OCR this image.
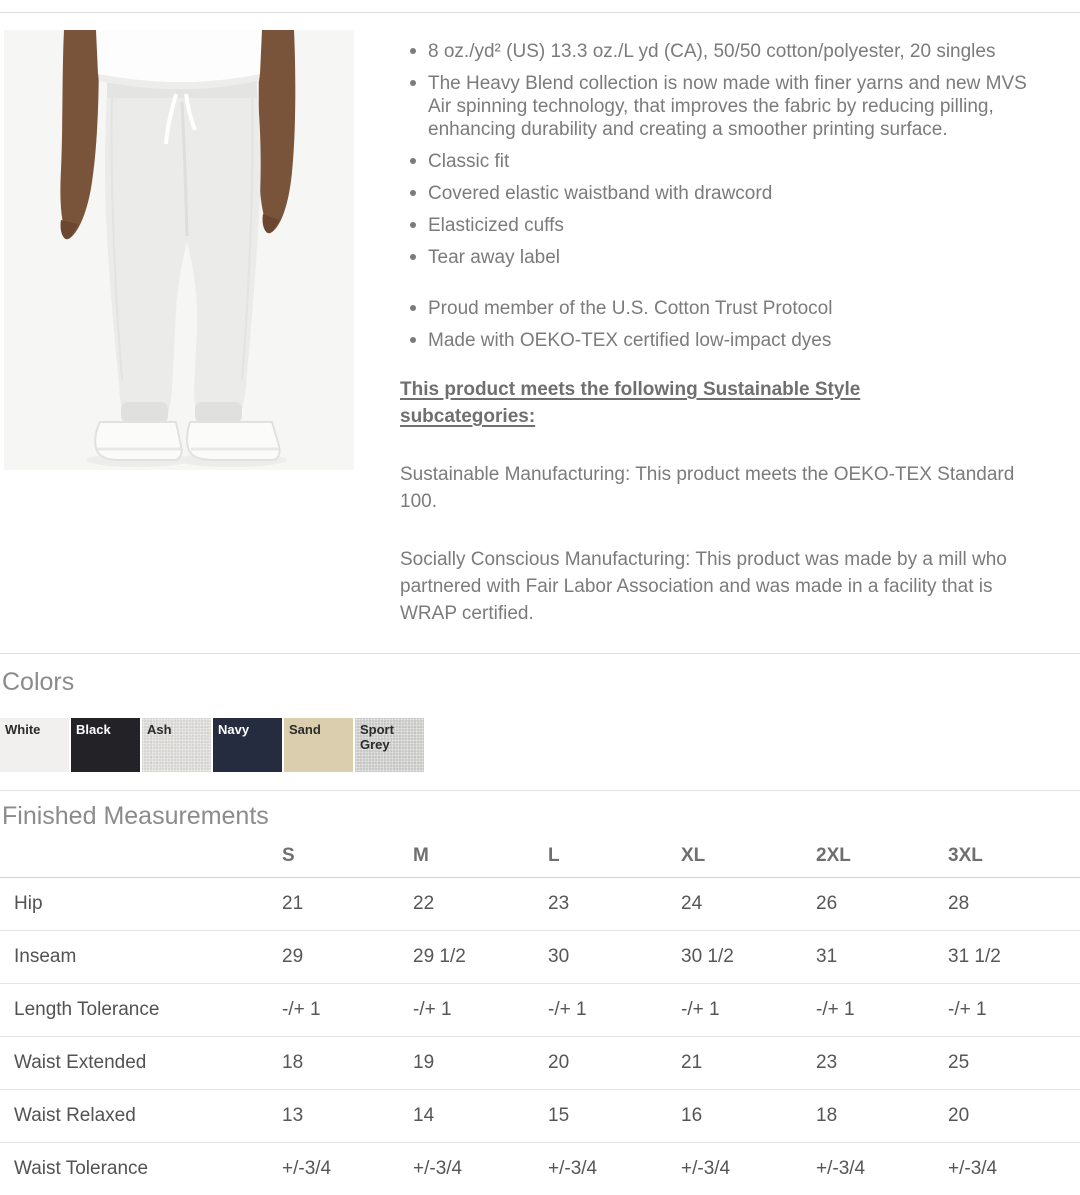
8 oz./yd² (US) 13.3 oz./L yd (CA), 50/50 cotton/polyester, 20 singles
The Heavy Blend collection is now made with finer yarns and new MVS Air spinning technology, that improves the fabric by reducing pilling, enhancing durability and creating a smoother printing surface.
Classic fit
Covered elastic waistband with drawcord
Elasticized cuffs
Tear away label
Proud member of the U.S. Cotton Trust Protocol
Made with OEKO-TEX certified low-impact dyes
This product meets the following Sustainable Style subcategories:

Sustainable Manufacturing: This product meets the OEKO-TEX Standard 100.

Socially Conscious Manufacturing: This product was made by a mill who partnered with Fair Labor Association and was made in a facility that is WRAP certified.

Colors
White	Black	Ash	Navy	Sand	Sport Grey
Finished Measurements
	S	M	L	XL	2XL	3XL
Hip	21	22	23	24	26	28
Inseam	29	29 1/2	30	30 1/2	31	31 1/2
Length Tolerance	-/+ 1	-/+ 1	-/+ 1	-/+ 1	-/+ 1	-/+ 1
Waist Extended	18	19	20	21	23	25
Waist Relaxed	13	14	15	16	18	20
Waist Tolerance	+/-3/4	+/-3/4	+/-3/4	+/-3/4	+/-3/4	+/-3/4
